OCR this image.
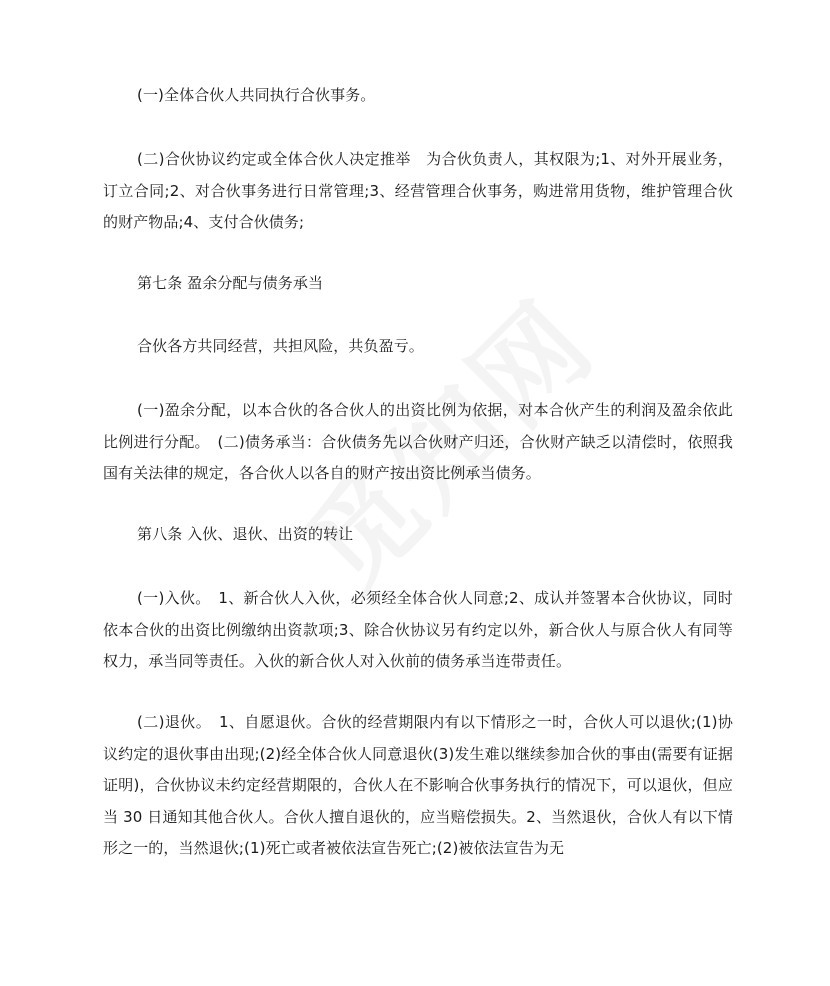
(一)全体合伙人共同执行合伙事务。

(二)合伙协议约定或全体合伙人决定推举　为合伙负责人，其权限为;1、对外开展业务，订立合同;2、对合伙事务进行日常管理;3、经营管理合伙事务，购进常用货物，维护管理合伙的财产物品;4、支付合伙债务;

第七条 盈余分配与债务承当

合伙各方共同经营，共担风险，共负盈亏。

(一)盈余分配，以本合伙的各合伙人的出资比例为依据，对本合伙产生的利润及盈余依此比例进行分配。　(二)债务承当：合伙债务先以合伙财产归还，合伙财产缺乏以清偿时，依照我国有关法律的规定，各合伙人以各自的财产按出资比例承当债务。

第八条 入伙、退伙、出资的转让

(一)入伙。　1、新合伙人入伙，必须经全体合伙人同意;2、成认并签署本合伙协议，同时依本合伙的出资比例缴纳出资款项;3、除合伙协议另有约定以外，新合伙人与原合伙人有同等权力，承当同等责任。入伙的新合伙人对入伙前的债务承当连带责任。

(二)退伙。　1、自愿退伙。合伙的经营期限内有以下情形之一时，合伙人可以退伙;(1)协议约定的退伙事由出现;(2)经全体合伙人同意退伙(3)发生难以继续参加合伙的事由(需要有证据证明)，合伙协议未约定经营期限的，合伙人在不影响合伙事务执行的情况下，可以退伙，但应当 30 日通知其他合伙人。合伙人擅自退伙的，应当赔偿损失。2、当然退伙，合伙人有以下情形之一的，当然退伙;(1)死亡或者被依法宣告死亡;(2)被依法宣告为无
